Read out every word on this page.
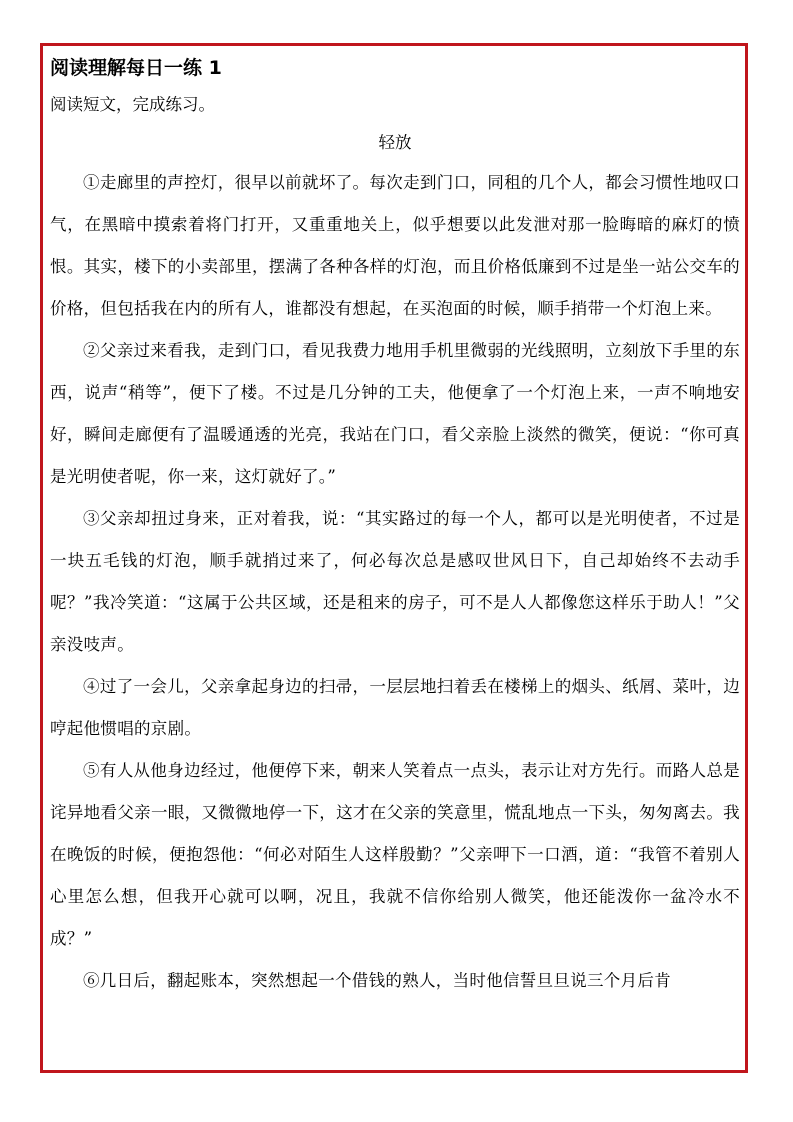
阅读理解每日一练 1

阅读短文，完成练习。

轻放

①走廊里的声控灯，很早以前就坏了。每次走到门口，同租的几个人，都会习惯性地叹口气，在黑暗中摸索着将门打开，又重重地关上，似乎想要以此发泄对那一脸晦暗的麻灯的愤恨。其实，楼下的小卖部里，摆满了各种各样的灯泡，而且价格低廉到不过是坐一站公交车的价格，但包括我在内的所有人，谁都没有想起，在买泡面的时候，顺手捎带一个灯泡上来。

②父亲过来看我，走到门口，看见我费力地用手机里微弱的光线照明，立刻放下手里的东西，说声“稍等”，便下了楼。不过是几分钟的工夫，他便拿了一个灯泡上来，一声不响地安好，瞬间走廊便有了温暖通透的光亮，我站在门口，看父亲脸上淡然的微笑，便说：“你可真是光明使者呢，你一来，这灯就好了。”

③父亲却扭过身来，正对着我，说：“其实路过的每一个人，都可以是光明使者，不过是一块五毛钱的灯泡，顺手就捎过来了，何必每次总是感叹世风日下，自己却始终不去动手呢？”我冷笑道：“这属于公共区域，还是租来的房子，可不是人人都像您这样乐于助人！”父亲没吱声。

④过了一会儿，父亲拿起身边的扫帚，一层层地扫着丢在楼梯上的烟头、纸屑、菜叶，边哼起他惯唱的京剧。

⑤有人从他身边经过，他便停下来，朝来人笑着点一点头，表示让对方先行。而路人总是诧异地看父亲一眼，又微微地停一下，这才在父亲的笑意里，慌乱地点一下头，匆匆离去。我在晚饭的时候，便抱怨他：“何必对陌生人这样殷勤？”父亲呷下一口酒，道：“我管不着别人心里怎么想，但我开心就可以啊，况且，我就不信你给别人微笑，他还能泼你一盆冷水不成？”

⑥几日后，翻起账本，突然想起一个借钱的熟人，当时他信誓旦旦说三个月后肯
